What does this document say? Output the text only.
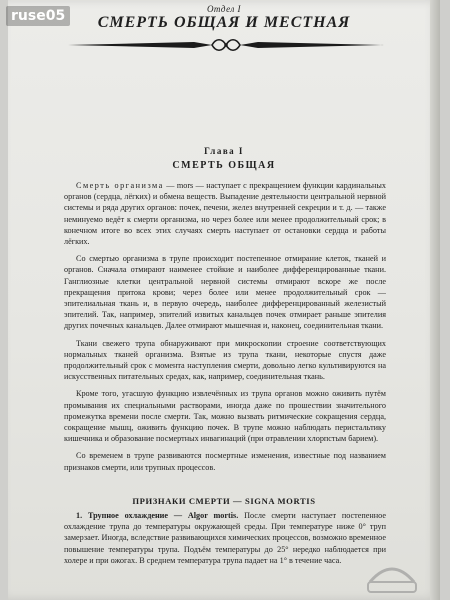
Отдел I
СМЕРТЬ ОБЩАЯ И МЕСТНАЯ
Глава I
СМЕРТЬ ОБЩАЯ

Смерть организма — mors — наступает с прекращением функции кардинальных органов (сердца, лёгких) и обмена веществ. Выпадение деятельности центральной нервной системы и ряда других органов: почек, печени, желез внутренней секреции и т. д. — также неминуемо ведёт к смерти организма, но через более или менее продолжительный срок; в конечном итоге во всех этих случаях смерть наступает от остановки сердца и работы лёгких.

Со смертью организма в трупе происходит постепенное отмирание клеток, тканей и органов. Сначала отмирают наименее стойкие и наиболее дифференцированные ткани. Ганглиозные клетки центральной нервной системы отмирают вскоре же после прекращения притока крови; через более или менее продолжительный срок — эпителиальная ткань и, в первую очередь, наиболее дифференцированный железистый эпителий. Так, например, эпителий извитых канальцев почек отмирает раньше эпителия других почечных канальцев. Далее отмирают мышечная и, наконец, соединительная ткани.

Ткани свежего трупа обнаруживают при микроскопии строение соответствующих нормальных тканей организма. Взятые из трупа ткани, некоторые спустя даже продолжительный срок с момента наступления смерти, довольно легко культивируются на искусственных питательных средах, как, например, соединительная ткань.

Кроме того, угасшую функцию извлечённых из трупа органов можно оживить путём промывания их специальными растворами, иногда даже по прошествии значительного промежутка времени после смерти. Так, можно вызвать ритмические сокращения сердца, сокращение мышц, оживить функцию почек. В трупе можно наблюдать перистальтику кишечника и образование посмертных инвагинаций (при отравлении хлорпстым барием).

Со временем в трупе развиваются посмертные изменения, известные под названием признаков смерти, или трупных процессов.

ПРИЗНАКИ СМЕРТИ — SIGNA MORTIS

1. Трупное охлаждение — Algor mortis. После смерти наступает постепенное охлаждение трупа до температуры окружающей среды. При температуре ниже 0° труп замерзает. Иногда, вследствие развивающихся химических процессов, возможно временное повышение температуры трупа. Подъём температуры до 25° нередко наблюдается при холере и при ожогах. В среднем температура трупа падает на 1° в течение часа.

ruse05
